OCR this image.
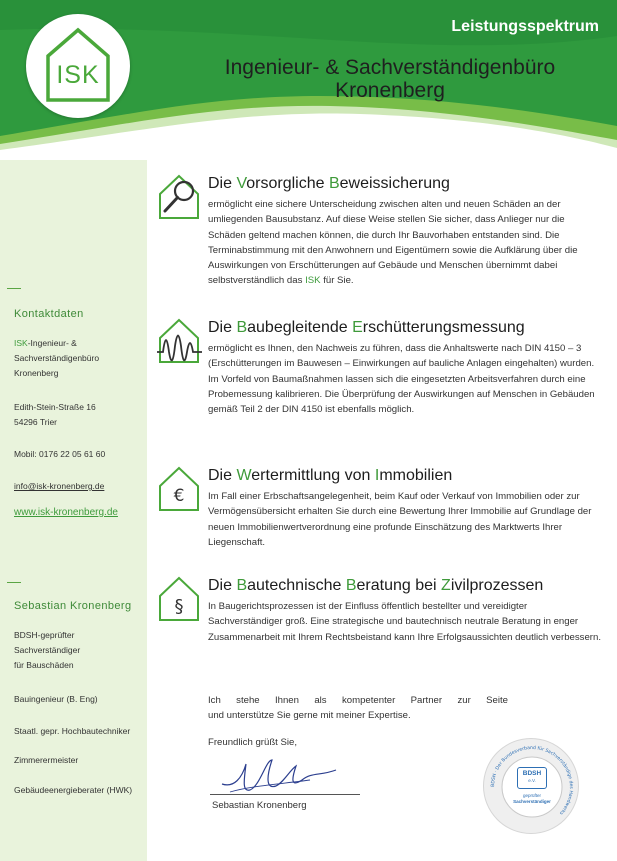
Leistungsspektrum
Ingenieur- & Sachverständigenbüro
Kronenberg
ISK
Kontaktdaten
ISK-Ingenieur- &
Sachverständigenbüro
Kronenberg
Edith-Stein-Straße 16
54296 Trier
Mobil: 0176 22 05 61 60
info@isk-kronenberg.de
www.isk-kronenberg.de
Sebastian Kronenberg
BDSH-geprüfter
Sachverständiger
für Bauschäden
Bauingenieur (B. Eng)
Staatl. gepr. Hochbautechniker
Zimmerermeister
Gebäudeenergieberater (HWK)
Die Vorsorgliche Beweissicherung
ermöglicht eine sichere Unterscheidung zwischen alten und neuen Schäden an der umliegenden Bausubstanz. Auf diese Weise stellen Sie sicher, dass Anlieger nur die Schäden geltend machen können, die durch Ihr Bauvorhaben entstanden sind. Die Terminabstimmung mit den Anwohnern und Eigentümern sowie die Aufklärung über die Auswirkungen von Erschütterungen auf Gebäude und Menschen übernimmt dabei selbstverständlich das ISK für Sie.
Die Baubegleitende Erschütterungsmessung
ermöglicht es Ihnen, den Nachweis zu führen, dass die Anhaltswerte nach DIN 4150 – 3 (Erschütterungen im Bauwesen – Einwirkungen auf bauliche Anlagen eingehalten) wurden. Im Vorfeld von Baumaßnahmen lassen sich die eingesetzten Arbeitsverfahren durch eine Probemessung kalibrieren. Die Überprüfung der Auswirkungen auf Menschen in Gebäuden gemäß Teil 2 der DIN 4150 ist ebenfalls möglich.
€
Die Wertermittlung von Immobilien
Im Fall einer Erbschaftsangelegenheit, beim Kauf oder Verkauf von Immobilien oder zur Vermögensübersicht erhalten Sie durch eine Bewertung Ihrer Immobilie auf Grundlage der neuen Immobilienwertverordnung eine profunde Einschätzung des Marktwerts Ihrer Liegenschaft.
§
Die Bautechnische Beratung bei Zivilprozessen
In Baugerichtsprozessen ist der Einfluss öffentlich bestellter und vereidigter Sachverständiger groß. Eine strategische und bautechnisch neutrale Beratung in enger Zusammenarbeit mit Ihrem Rechtsbeistand kann Ihre Erfolgsaussichten deutlich verbessern.
Ich stehe Ihnen als kompetenter Partner zur Seite
und unterstütze Sie gerne mit meiner Expertise.
Freundlich grüßt Sie,
Sebastian Kronenberg
BDSH · Der Bundesverband für Sachverständige des Handwerks
BDSH
e.V.
geprüfter
Sachverständiger
